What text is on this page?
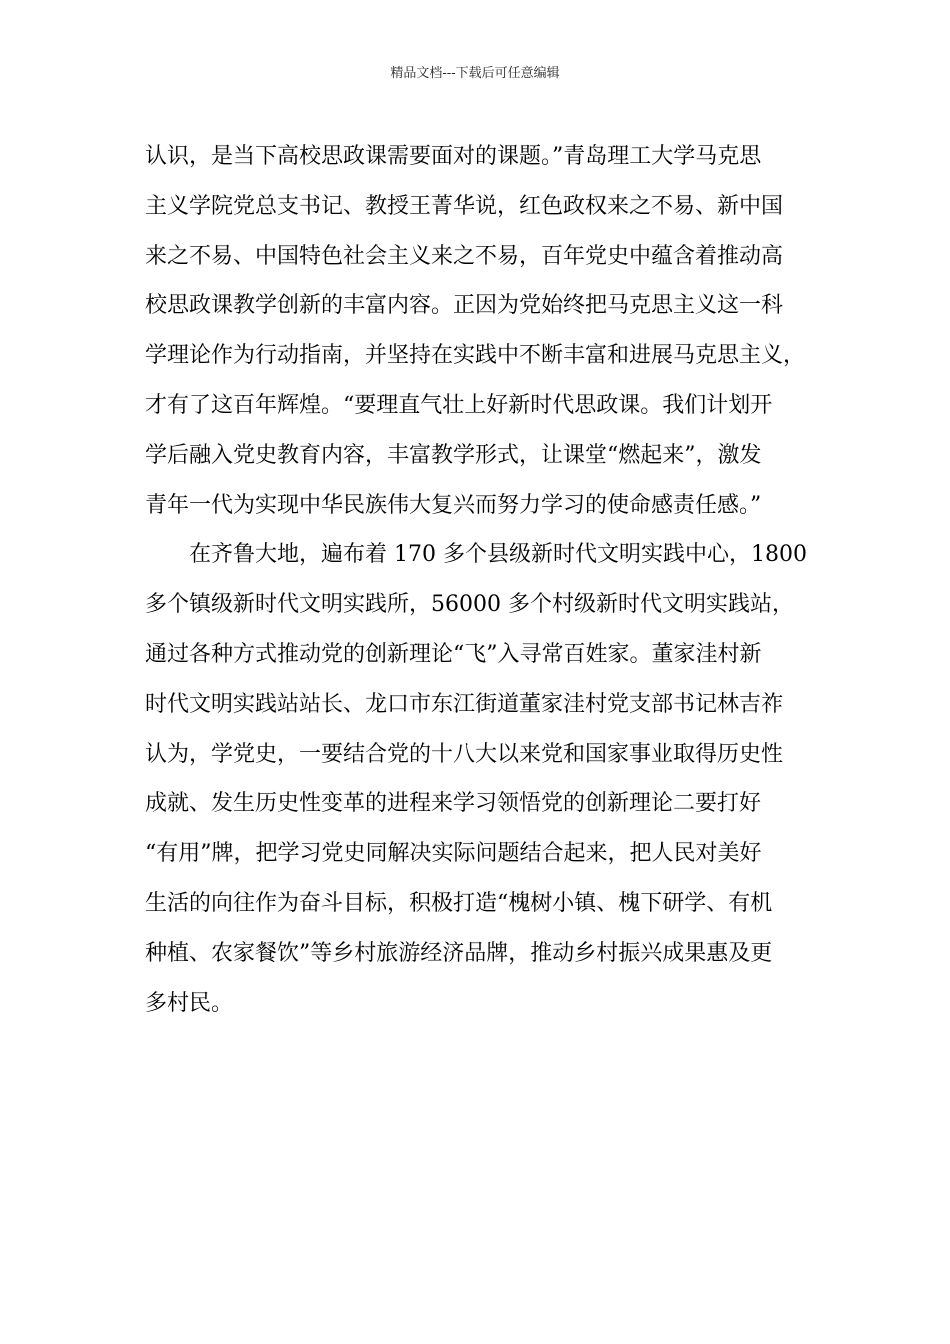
精品文档---下载后可任意编辑
认识，是当下高校思政课需要面对的课题。”青岛理工大学马克思
主义学院党总支书记、教授王菁华说，红色政权来之不易、新中国
来之不易、中国特色社会主义来之不易，百年党史中蕴含着推动高
校思政课教学创新的丰富内容。正因为党始终把马克思主义这一科
学理论作为行动指南，并坚持在实践中不断丰富和进展马克思主义，
才有了这百年辉煌。“要理直气壮上好新时代思政课。我们计划开
学后融入党史教育内容，丰富教学形式，让课堂“燃起来”，激发
青年一代为实现中华民族伟大复兴而努力学习的使命感责任感。”
在齐鲁大地，遍布着 170 多个县级新时代文明实践中心，1800
多个镇级新时代文明实践所，56000 多个村级新时代文明实践站，
通过各种方式推动党的创新理论“飞”入寻常百姓家。董家洼村新
时代文明实践站站长、龙口市东江街道董家洼村党支部书记林吉祚
认为，学党史，一要结合党的十八大以来党和国家事业取得历史性
成就、发生历史性变革的进程来学习领悟党的创新理论二要打好
“有用”牌，把学习党史同解决实际问题结合起来，把人民对美好
生活的向往作为奋斗目标，积极打造“槐树小镇、槐下研学、有机
种植、农家餐饮”等乡村旅游经济品牌，推动乡村振兴成果惠及更
多村民。
